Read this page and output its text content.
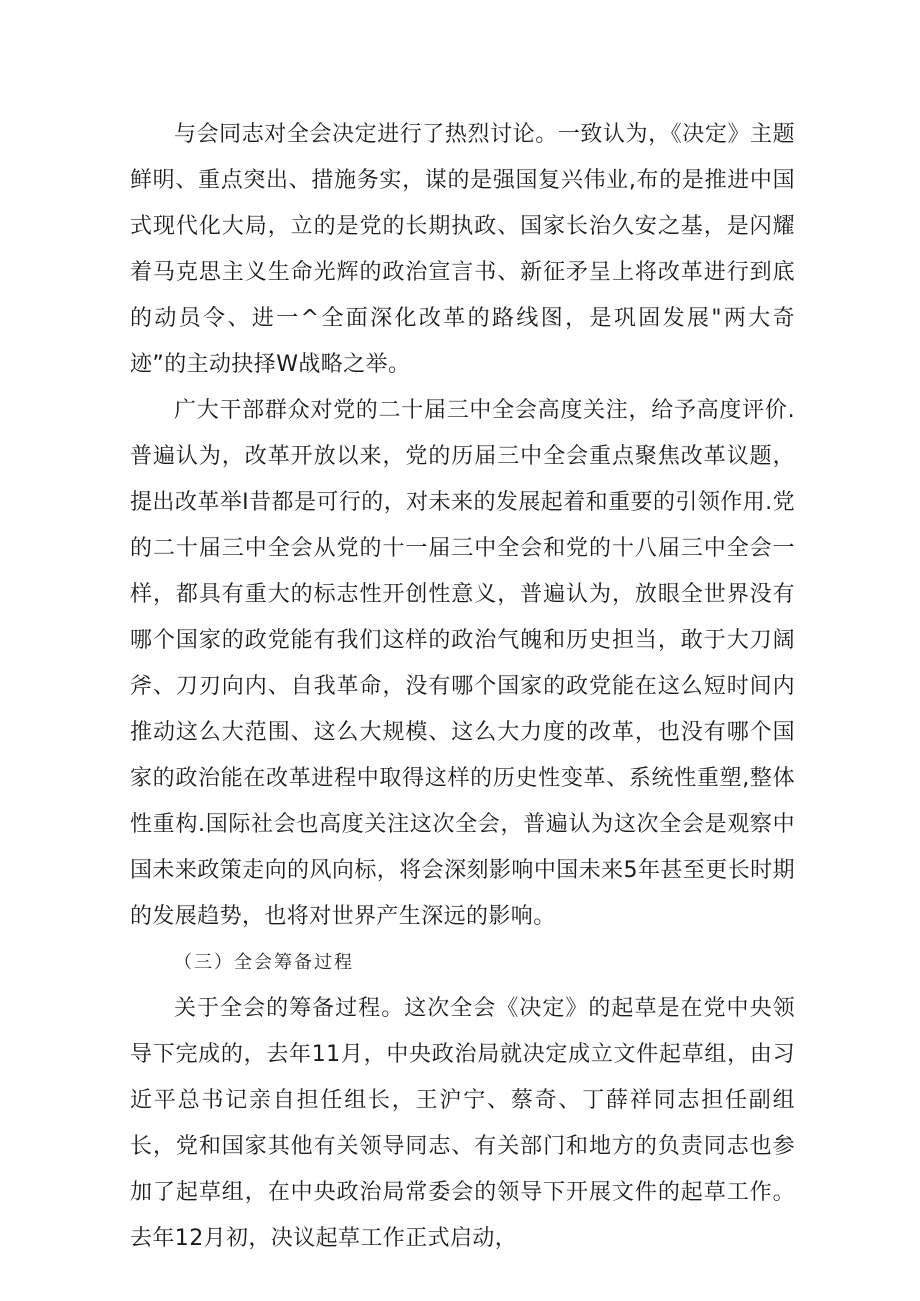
与会同志对全会决定进行了热烈讨论。一致认为，《决定》主题鲜明、重点突出、措施务实，谋的是强国复兴伟业,布的是推进中国式现代化大局，立的是党的长期执政、国家长治久安之基，是闪耀着马克思主义生命光辉的政治宣言书、新征矛呈上将改革进行到底的动员令、进一^全面深化改革的路线图，是巩固发展"两大奇迹”的主动抉择W战略之举。

广大干部群众对党的二十届三中全会高度关注，给予高度评价.普遍认为，改革开放以来，党的历届三中全会重点聚焦改革议题，提出改革举I昔都是可行的，对未来的发展起着和重要的引领作用.党的二十届三中全会从党的十一届三中全会和党的十八届三中全会一样，都具有重大的标志性开创性意义，普遍认为，放眼全世界没有哪个国家的政党能有我们这样的政治气魄和历史担当，敢于大刀阔斧、刀刃向内、自我革命，没有哪个国家的政党能在这么短时间内推动这么大范围、这么大规模、这么大力度的改革，也没有哪个国家的政治能在改革进程中取得这样的历史性变革、系统性重塑,整体性重构.国际社会也高度关注这次全会，普遍认为这次全会是观察中国未来政策走向的风向标，将会深刻影响中国未来5年甚至更长时期的发展趋势，也将对世界产生深远的影响。

（三）全会筹备过程

关于全会的筹备过程。这次全会《决定》的起草是在党中央领导下完成的，去年11月，中央政治局就决定成立文件起草组，由习近平总书记亲自担任组长，王沪宁、蔡奇、丁薛祥同志担任副组长，党和国家其他有关领导同志、有关部门和地方的负责同志也参加了起草组，在中央政治局常委会的领导下开展文件的起草工作。去年12月初，决议起草工作正式启动，
